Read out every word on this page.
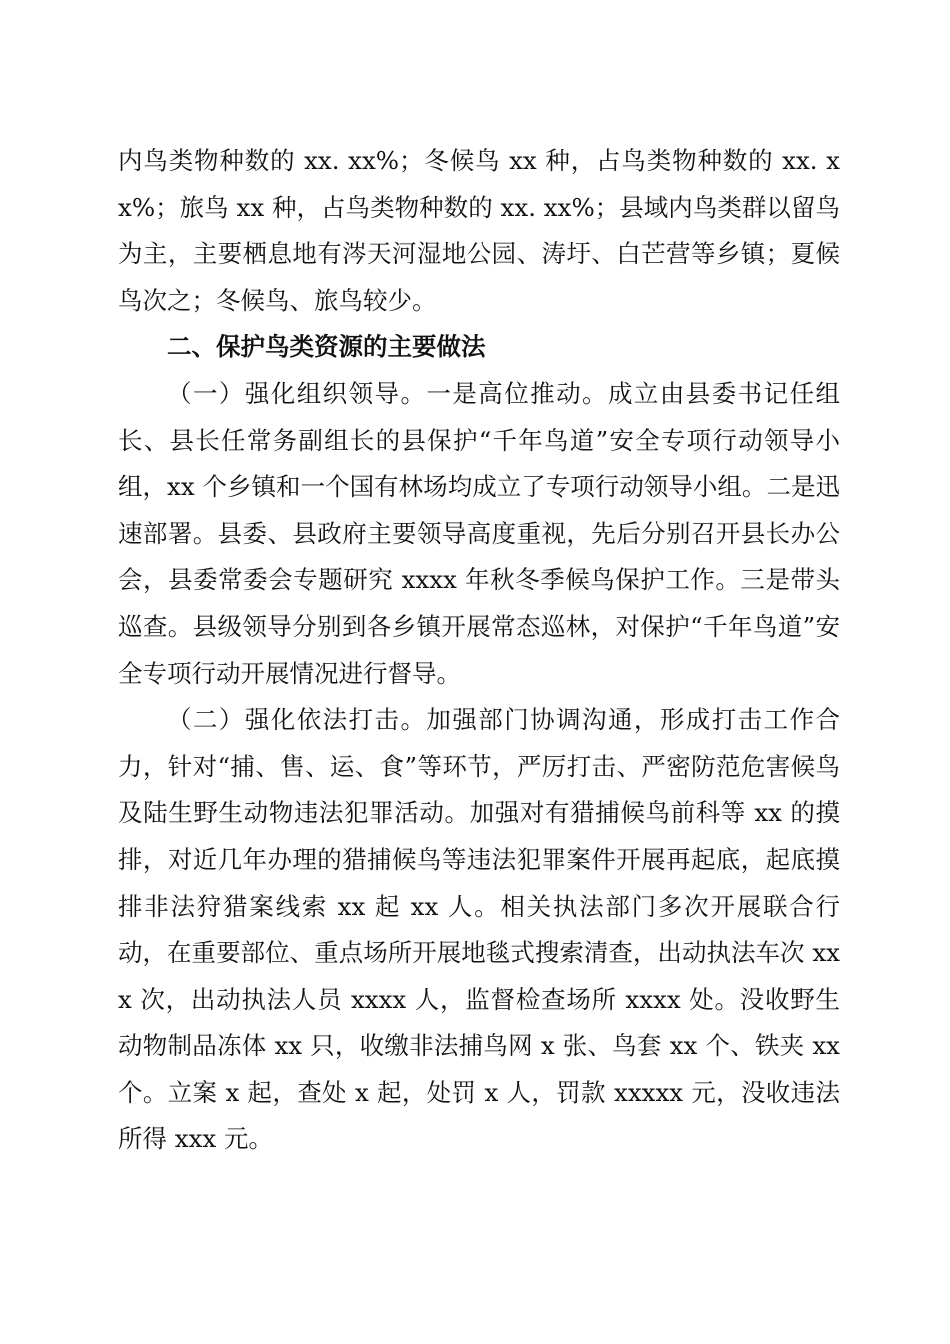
内鸟类物种数的 xx. xx%；冬候鸟 xx 种，占鸟类物种数的 xx. xx%；旅鸟 xx 种，占鸟类物种数的 xx. xx%；县域内鸟类群以留鸟为主，主要栖息地有涔天河湿地公园、涛圩、白芒营等乡镇；夏候鸟次之；冬候鸟、旅鸟较少。

二、保护鸟类资源的主要做法

（一）强化组织领导。一是高位推动。成立由县委书记任组长、县长任常务副组长的县保护“千年鸟道”安全专项行动领导小组，xx 个乡镇和一个国有林场均成立了专项行动领导小组。二是迅速部署。县委、县政府主要领导高度重视，先后分别召开县长办公会，县委常委会专题研究 xxxx 年秋冬季候鸟保护工作。三是带头巡查。县级领导分别到各乡镇开展常态巡林，对保护“千年鸟道”安全专项行动开展情况进行督导。

（二）强化依法打击。加强部门协调沟通，形成打击工作合力，针对“捕、售、运、食”等环节，严厉打击、严密防范危害候鸟及陆生野生动物违法犯罪活动。加强对有猎捕候鸟前科等 xx 的摸排，对近几年办理的猎捕候鸟等违法犯罪案件开展再起底，起底摸排非法狩猎案线索 xx 起 xx 人。相关执法部门多次开展联合行动，在重要部位、重点场所开展地毯式搜索清查，出动执法车次 xxx 次，出动执法人员 xxxx 人，监督检查场所 xxxx 处。没收野生动物制品冻体 xx 只，收缴非法捕鸟网 x 张、鸟套 xx 个、铁夹 xx 个。立案 x 起，查处 x 起，处罚 x 人，罚款 xxxxx 元，没收违法所得 xxx 元。
